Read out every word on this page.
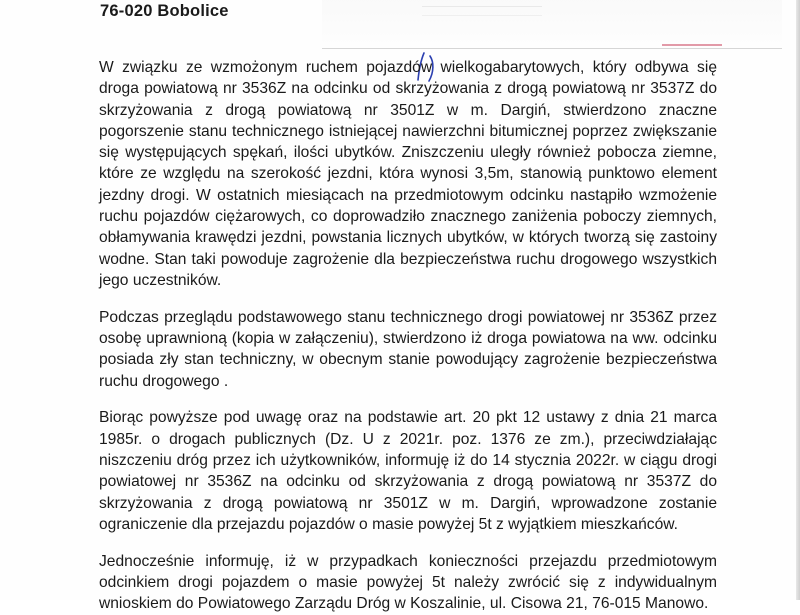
76-020 Bobolice

W związku ze wzmożonym ruchem pojazdów wielkogabarytowych, który odbywa się droga powiatową nr 3536Z na odcinku od skrzyżowania z drogą powiatową nr 3537Z do skrzyżowania z drogą powiatową nr 3501Z w m. Dargiń, stwierdzono znaczne pogorszenie stanu technicznego istniejącej nawierzchni bitumicznej poprzez zwiększanie się występujących spękań, ilości ubytków. Zniszczeniu uległy również pobocza ziemne, które ze względu na szerokość jezdni, która wynosi 3,5m, stanowią punktowo element jezdny drogi. W ostatnich miesiącach na przedmiotowym odcinku nastąpiło wzmożenie ruchu pojazdów ciężarowych, co doprowadziło znacznego zaniżenia poboczy ziemnych, obłamywania krawędzi jezdni, powstania licznych ubytków, w których tworzą się zastoiny wodne. Stan taki powoduje zagrożenie dla bezpieczeństwa ruchu drogowego wszystkich jego uczestników.

Podczas przeglądu podstawowego stanu technicznego drogi powiatowej nr 3536Z przez osobę uprawnioną (kopia w załączeniu), stwierdzono iż droga powiatowa na ww. odcinku posiada zły stan techniczny, w obecnym stanie powodujący zagrożenie bezpieczeństwa ruchu drogowego .

Biorąc powyższe pod uwagę oraz na podstawie art. 20 pkt 12 ustawy z dnia 21 marca 1985r. o drogach publicznych (Dz. U z 2021r. poz. 1376 ze zm.), przeciwdziałając niszczeniu dróg przez ich użytkowników, informuję iż do 14 stycznia 2022r. w ciągu drogi powiatowej nr 3536Z na odcinku od skrzyżowania z drogą powiatową nr 3537Z do skrzyżowania z drogą powiatową nr 3501Z w m. Dargiń, wprowadzone zostanie ograniczenie dla przejazdu pojazdów o masie powyżej 5t z wyjątkiem mieszkańców.

Jednocześnie informuję, iż w przypadkach konieczności przejazdu przedmiotowym odcinkiem drogi pojazdem o masie powyżej 5t należy zwrócić się z indywidualnym wnioskiem do Powiatowego Zarządu Dróg w Koszalinie, ul. Cisowa 21, 76-015 Manowo.
